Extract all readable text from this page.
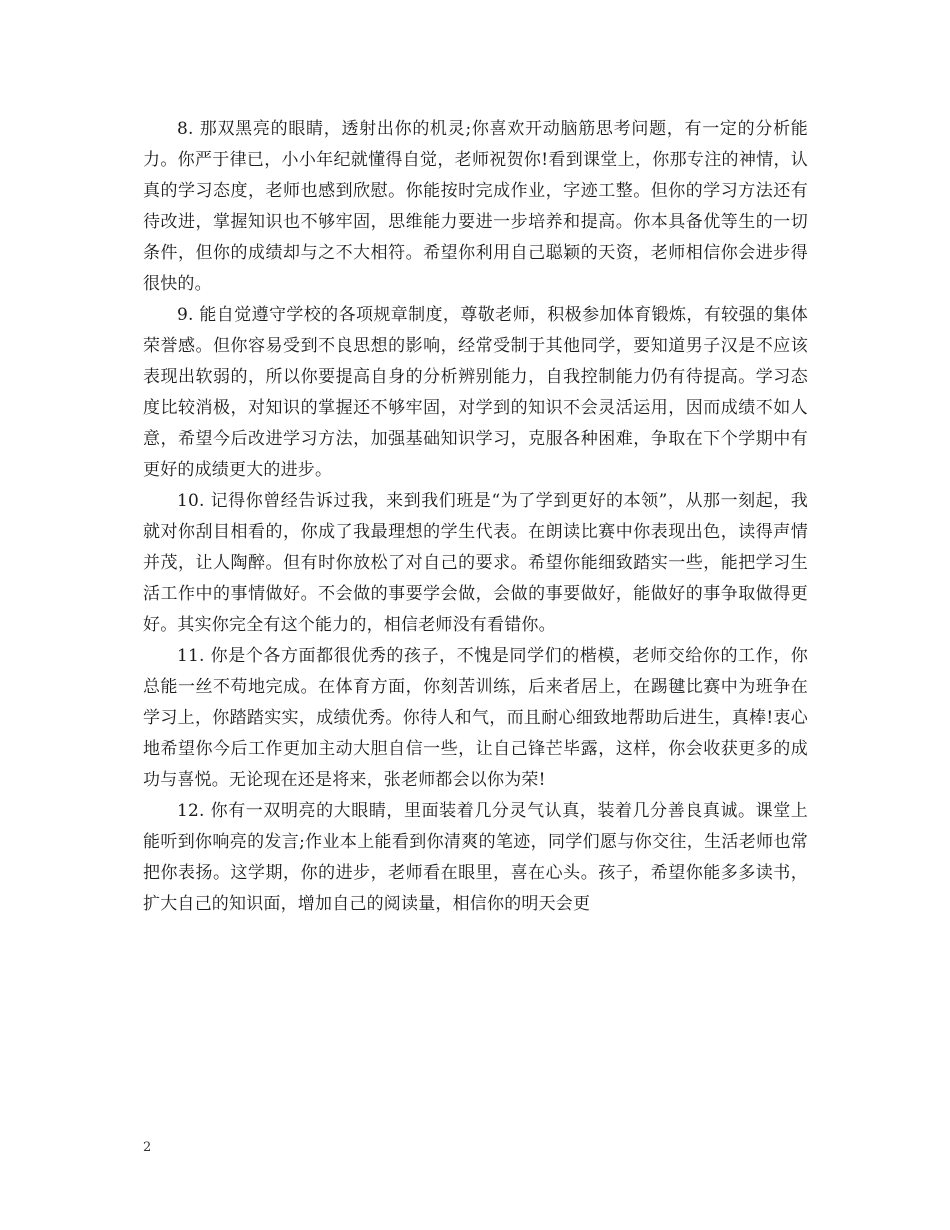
8. 那双黑亮的眼睛，透射出你的机灵;你喜欢开动脑筋思考问题，有一定的分析能力。你严于律已，小小年纪就懂得自觉，老师祝贺你!看到课堂上，你那专注的神情，认真的学习态度，老师也感到欣慰。你能按时完成作业，字迹工整。但你的学习方法还有待改进，掌握知识也不够牢固，思维能力要进一步培养和提高。你本具备优等生的一切条件，但你的成绩却与之不大相符。希望你利用自己聪颖的天资，老师相信你会进步得很快的。

9. 能自觉遵守学校的各项规章制度，尊敬老师，积极参加体育锻炼，有较强的集体荣誉感。但你容易受到不良思想的影响，经常受制于其他同学，要知道男子汉是不应该表现出软弱的，所以你要提高自身的分析辨别能力，自我控制能力仍有待提高。学习态度比较消极，对知识的掌握还不够牢固，对学到的知识不会灵活运用，因而成绩不如人意，希望今后改进学习方法，加强基础知识学习，克服各种困难，争取在下个学期中有更好的成绩更大的进步。

10. 记得你曾经告诉过我，来到我们班是“为了学到更好的本领”，从那一刻起，我就对你刮目相看的，你成了我最理想的学生代表。在朗读比赛中你表现出色，读得声情并茂，让人陶醉。但有时你放松了对自己的要求。希望你能细致踏实一些，能把学习生活工作中的事情做好。不会做的事要学会做，会做的事要做好，能做好的事争取做得更好。其实你完全有这个能力的，相信老师没有看错你。

11. 你是个各方面都很优秀的孩子，不愧是同学们的楷模，老师交给你的工作，你总能一丝不苟地完成。在体育方面，你刻苦训练，后来者居上，在踢毽比赛中为班争在学习上，你踏踏实实，成绩优秀。你待人和气，而且耐心细致地帮助后进生，真棒!衷心地希望你今后工作更加主动大胆自信一些，让自己锋芒毕露，这样，你会收获更多的成功与喜悦。无论现在还是将来，张老师都会以你为荣!

12. 你有一双明亮的大眼睛，里面装着几分灵气认真，装着几分善良真诚。课堂上能听到你响亮的发言;作业本上能看到你清爽的笔迹，同学们愿与你交往，生活老师也常把你表扬。这学期，你的进步，老师看在眼里，喜在心头。孩子，希望你能多多读书，扩大自己的知识面，增加自己的阅读量，相信你的明天会更

2
